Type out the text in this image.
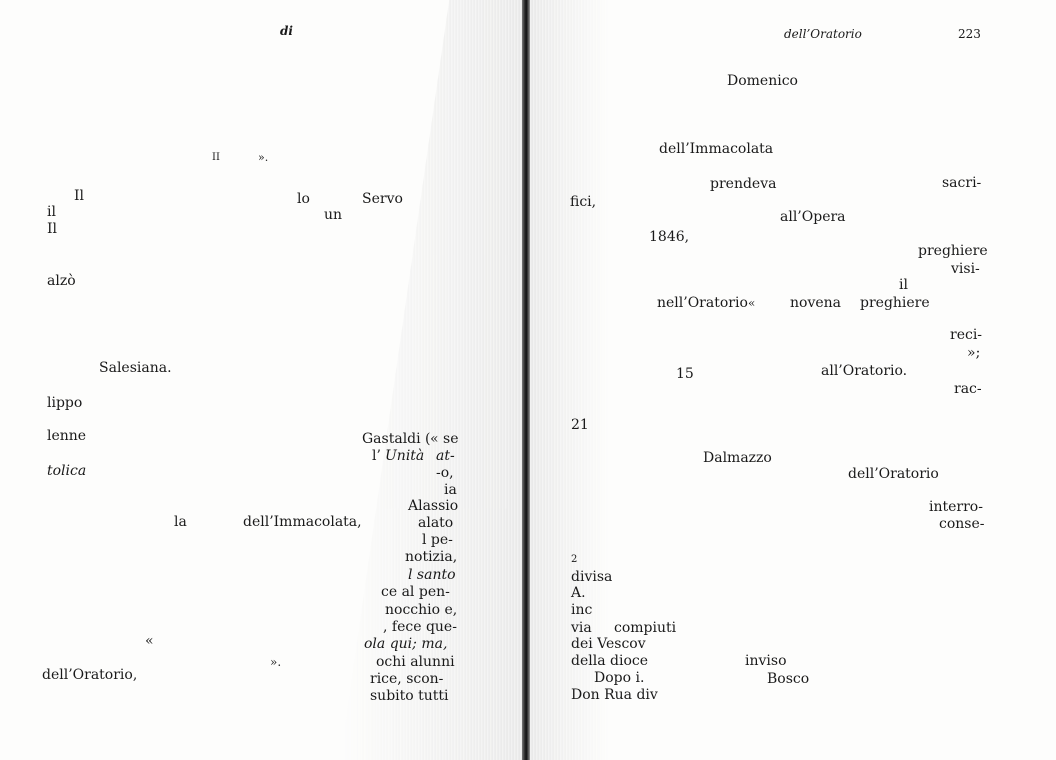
di
II	».
Il	lo	Servo
il	un
Il
alzò
Salesiana.
lippo
lenne	Gastaldi ( « se
l’ Unità at-
tolica	-o,
ia
Alassio
la	dell’Immacolata,	alato
l pe-
notizia,
l santo
ce al pen-
nocchio e,
, fece que-
ola qui; ma,
«
».	ochi alunni
dell’Oratorio,	rice, scon-
subito tutti
dell’Oratorio	223
Domenico
dell’Immacolata
prendeva	sacri-
fici,
all’Opera
1846,
preghiere
visi-
il
nell’Oratorio « novena preghiere
reci-
»;
15	all’Oratorio.
rac-
21
Dalmazzo
dell’Oratorio
interro-
conse-
2
divisa
A.
inc
via compiuti
dei Vescov
della dioce	inviso
Dopo i.	Bosco
Don Rua div
